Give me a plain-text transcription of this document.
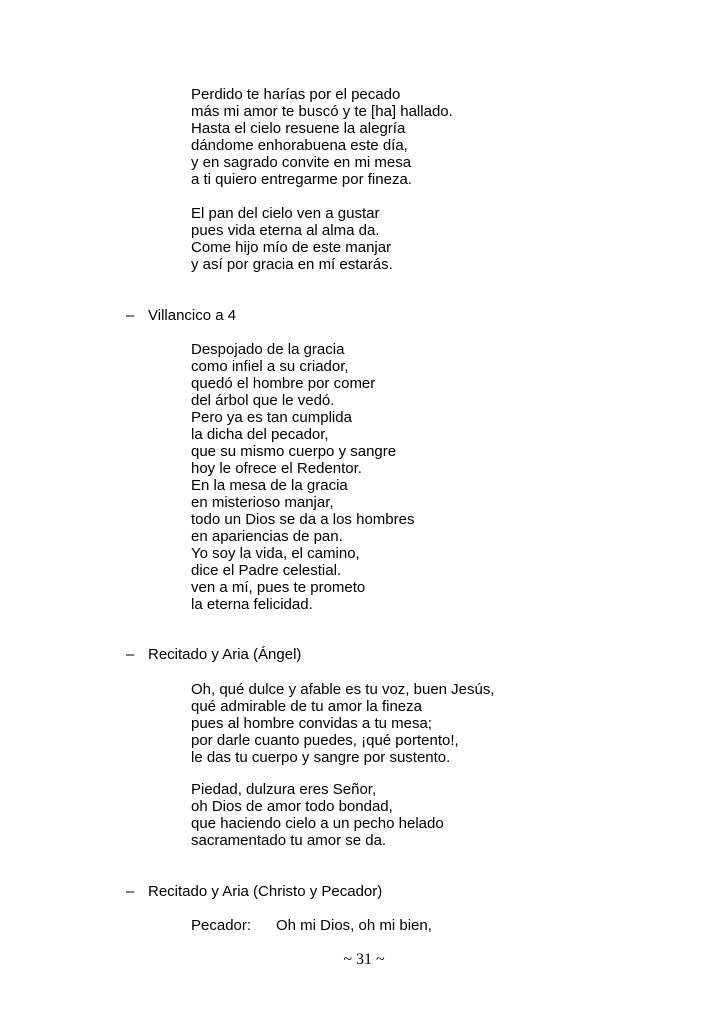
Perdido te harías por el pecado
más mi amor te buscó y te [ha] hallado.
Hasta el cielo resuene la alegría
dándome enhorabuena este día,
y en sagrado convite en mi mesa
a ti quiero entregarme por fineza.
El pan del cielo ven a gustar
pues vida eterna al alma da.
Come hijo mío de este manjar
y así por gracia en mí estarás.
– Villancico a 4
Despojado de la gracia
como infiel a su criador,
quedó el hombre por comer
del árbol que le vedó.
Pero ya es tan cumplida
la dicha del pecador,
que su mismo cuerpo y sangre
hoy le ofrece el Redentor.
En la mesa de la gracia
en misterioso manjar,
todo un Dios se da a los hombres
en apariencias de pan.
Yo soy la vida, el camino,
dice el Padre celestial.
ven a mí, pues te prometo
la eterna felicidad.
– Recitado y Aria (Ángel)
Oh, qué dulce y afable es tu voz, buen Jesús,
qué admirable de tu amor la fineza
pues al hombre convidas a tu mesa;
por darle cuanto puedes, ¡qué portento!,
le das tu cuerpo y sangre por sustento.
Piedad, dulzura eres Señor,
oh Dios de amor todo bondad,
que haciendo cielo a un pecho helado
sacramentado tu amor se da.
– Recitado y Aria (Christo y Pecador)
Pecador: Oh mi Dios, oh mi bien,
~ 31 ~
